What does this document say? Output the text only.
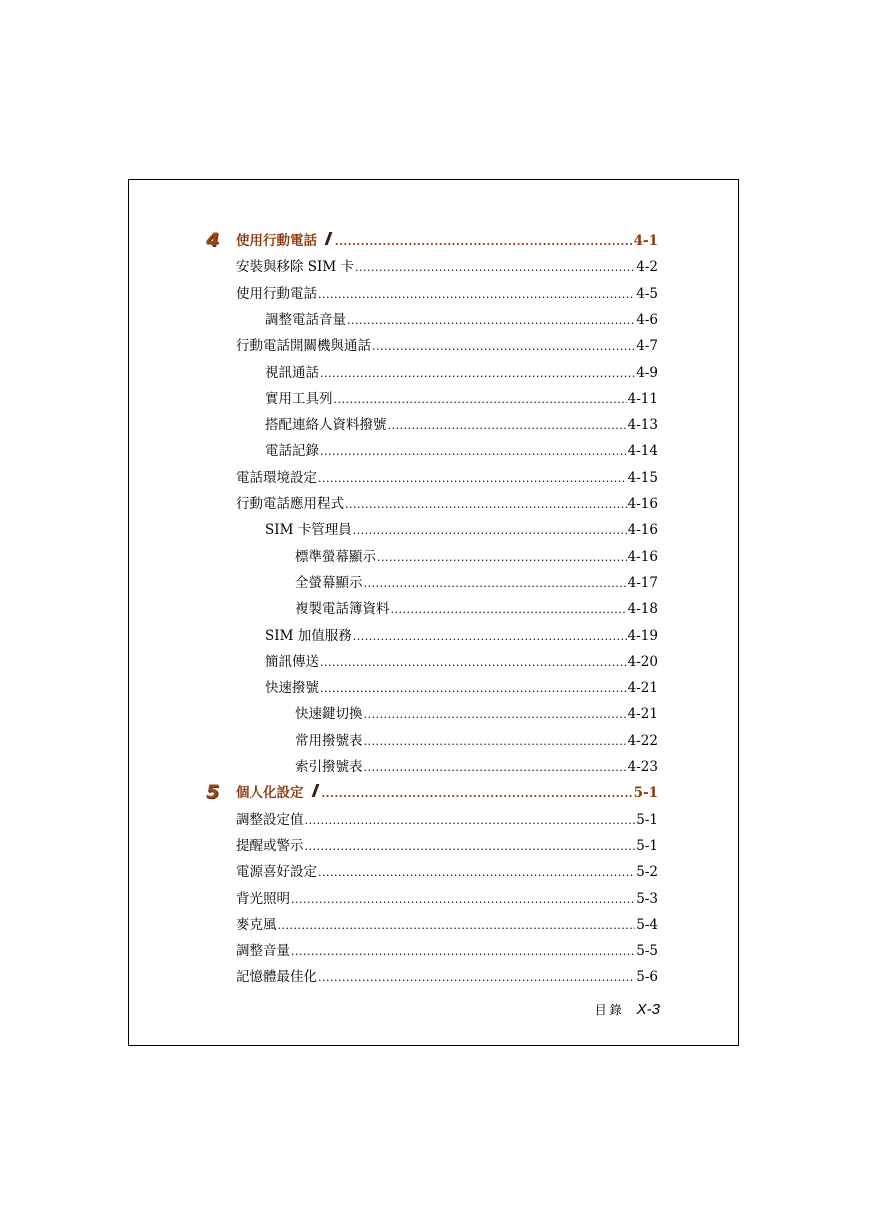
4 使用行動電話 .....	4-1
安裝與移除 SIM 卡 .....	4-2
使用行動電話 .....	4-5
調整電話音量 .....	4-6
行動電話開關機與通話 .....	4-7
視訊通話 .....	4-9
實用工具列 .....	4-11
搭配連絡人資料撥號 .....	4-13
電話記錄 .....	4-14
電話環境設定 .....	4-15
行動電話應用程式 .....	4-16
SIM 卡管理員 .....	4-16
標準螢幕顯示 .....	4-16
全螢幕顯示 .....	4-17
複製電話簿資料 .....	4-18
SIM 加值服務 .....	4-19
簡訊傳送 .....	4-20
快速撥號 .....	4-21
快速鍵切換 .....	4-21
常用撥號表 .....	4-22
索引撥號表 .....	4-23
5 個人化設定 .....	5-1
調整設定值 .....	5-1
提醒或警示 .....	5-1
電源喜好設定 .....	5-2
背光照明 .....	5-3
麥克風 .....	5-4
調整音量 .....	5-5
記憶體最佳化 .....	5-6
目錄 X-3
